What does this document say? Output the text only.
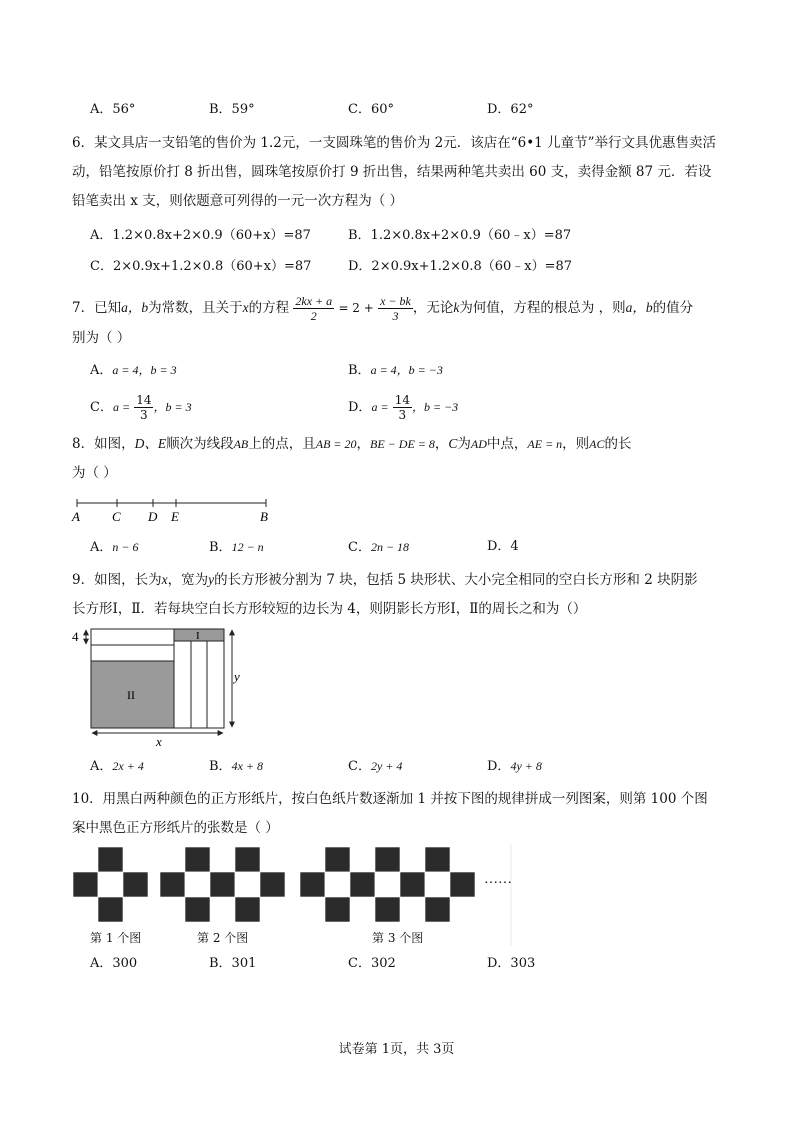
A．56°	B．59°	C．60°	D．62°
6．某文具店一支铅笔的售价为 1.2元，一支圆珠笔的售价为 2元．该店在“6•1 儿童节”举行文具优惠售卖活
动，铅笔按原价打 8 折出售，圆珠笔按原价打 9 折出售，结果两种笔共卖出 60 支，卖得金额 87 元．若设
铅笔卖出 x 支，则依题意可列得的一元一次方程为（ ）
A．1.2×0.8x+2×0.9（60+x）=87	B．1.2×0.8x+2×0.9（60﹣x）=87
C．2×0.9x+1.2×0.8（60+x）=87	D．2×0.9x+1.2×0.8（60﹣x）=87
7．已知a，b为常数，且关于x的方程 $\frac{2kx + a}{2} = 2 + \frac{x - bk}{3}$ ，无论k为何值，方程的根总为 ，则a，b的值分
别为（ ）
A．a = 4，b = 3	B．a = 4，b = −3
C．$a = \frac{14}{3}$ ，b = 3	D．$a = \frac{14}{3}$ ，b = −3
8．如图，D、E顺次为线段AB上的点，且AB = 20，BE − DE = 8，C为AD中点，AE = n，则AC的长
为（ ）
A C D E	B
A．n − 6	B．12 − n	C．2n − 18	D．4
9．如图，长为x，宽为y的长方形被分割为 7 块，包括 5 块形状、大小完全相同的空白长方形和 2 块阴影
长方形Ⅰ，Ⅱ．若每块空白长方形较短的边长为 4，则阴影长方形Ⅰ，Ⅱ的周长之和为（）
I
II
4
y
x
A．2x + 4	B．4x + 8	C．2y + 4	D．4y + 8
10．用黑白两种颜色的正方形纸片，按白色纸片数逐渐加 1 并按下图的规律拼成一列图案，则第 100 个图
案中黑色正方形纸片的张数是（ ）
……
第 1 个图	第 2 个图	第 3 个图
A．300	B．301	C．302	D．303
试卷第 1页，共 3页
